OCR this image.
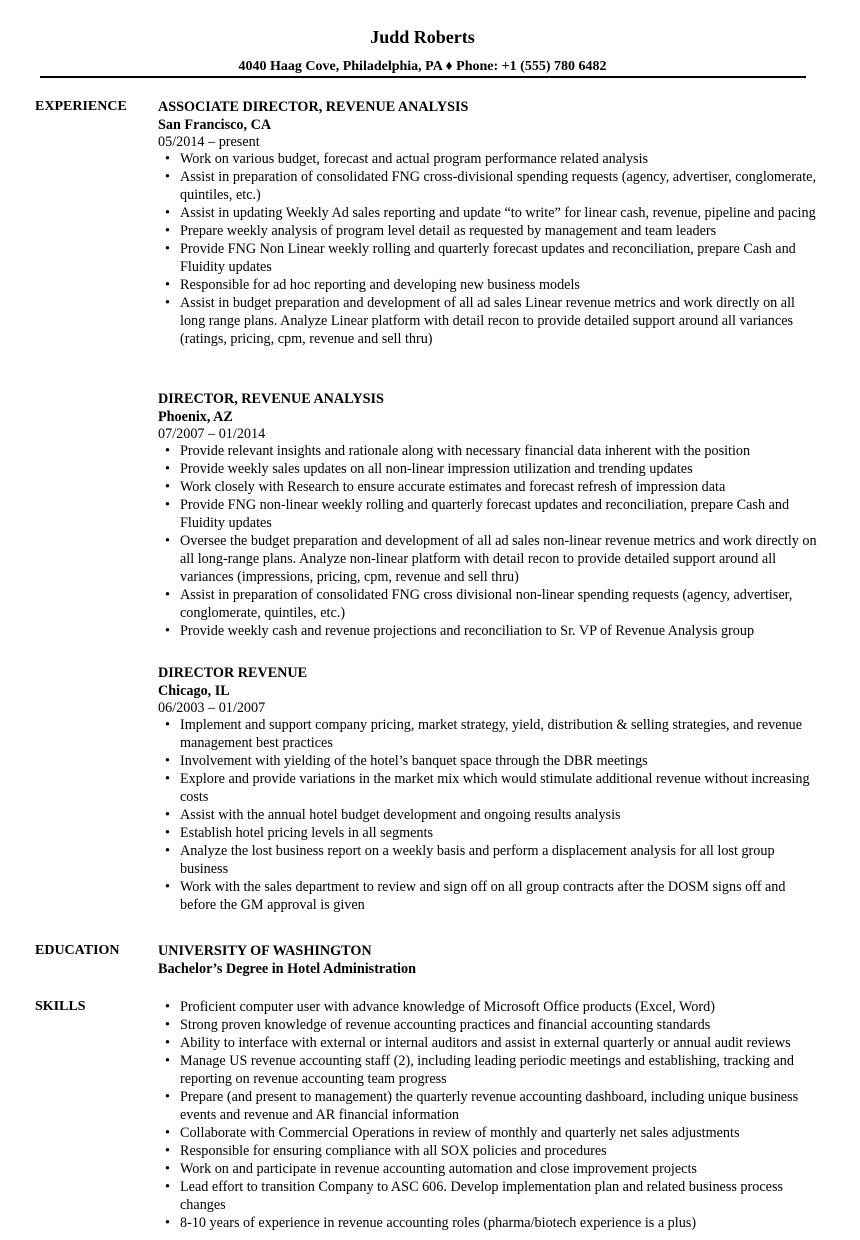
Judd Roberts
4040 Haag Cove, Philadelphia, PA ♦ Phone: +1 (555) 780 6482
EXPERIENCE ASSOCIATE DIRECTOR, REVENUE ANALYSIS
San Francisco, CA
05/2014 – present
• Work on various budget, forecast and actual program performance related analysis
• Assist in preparation of consolidated FNG cross-divisional spending requests (agency, advertiser, conglomerate, quintiles, etc.)
• Assist in updating Weekly Ad sales reporting and update “to write” for linear cash, revenue, pipeline and pacing
• Prepare weekly analysis of program level detail as requested by management and team leaders
• Provide FNG Non Linear weekly rolling and quarterly forecast updates and reconciliation, prepare Cash and Fluidity updates
• Responsible for ad hoc reporting and developing new business models
• Assist in budget preparation and development of all ad sales Linear revenue metrics and work directly on all long range plans. Analyze Linear platform with detail recon to provide detailed support around all variances (ratings, pricing, cpm, revenue and sell thru)
DIRECTOR, REVENUE ANALYSIS
Phoenix, AZ
07/2007 – 01/2014
• Provide relevant insights and rationale along with necessary financial data inherent with the position
• Provide weekly sales updates on all non-linear impression utilization and trending updates
• Work closely with Research to ensure accurate estimates and forecast refresh of impression data
• Provide FNG non-linear weekly rolling and quarterly forecast updates and reconciliation, prepare Cash and Fluidity updates
• Oversee the budget preparation and development of all ad sales non-linear revenue metrics and work directly on all long-range plans. Analyze non-linear platform with detail recon to provide detailed support around all variances (impressions, pricing, cpm, revenue and sell thru)
• Assist in preparation of consolidated FNG cross divisional non-linear spending requests (agency, advertiser, conglomerate, quintiles, etc.)
• Provide weekly cash and revenue projections and reconciliation to Sr. VP of Revenue Analysis group
DIRECTOR REVENUE
Chicago, IL
06/2003 – 01/2007
• Implement and support company pricing, market strategy, yield, distribution & selling strategies, and revenue management best practices
• Involvement with yielding of the hotel’s banquet space through the DBR meetings
• Explore and provide variations in the market mix which would stimulate additional revenue without increasing costs
• Assist with the annual hotel budget development and ongoing results analysis
• Establish hotel pricing levels in all segments
• Analyze the lost business report on a weekly basis and perform a displacement analysis for all lost group business
• Work with the sales department to review and sign off on all group contracts after the DOSM signs off and before the GM approval is given
EDUCATION	UNIVERSITY OF WASHINGTON
Bachelor’s Degree in Hotel Administration
SKILLS
•	Proficient computer user with advance knowledge of Microsoft Office products (Excel, Word)
• Strong proven knowledge of revenue accounting practices and financial accounting standards
• Ability to interface with external or internal auditors and assist in external quarterly or annual audit reviews
• Manage US revenue accounting staff (2), including leading periodic meetings and establishing, tracking and reporting on revenue accounting team progress
• Prepare (and present to management) the quarterly revenue accounting dashboard, including unique business events and revenue and AR financial information
• Collaborate with Commercial Operations in review of monthly and quarterly net sales adjustments
• Responsible for ensuring compliance with all SOX policies and procedures
• Work on and participate in revenue accounting automation and close improvement projects
• Lead effort to transition Company to ASC 606. Develop implementation plan and related business process changes
• 8-10 years of experience in revenue accounting roles (pharma/biotech experience is a plus)
